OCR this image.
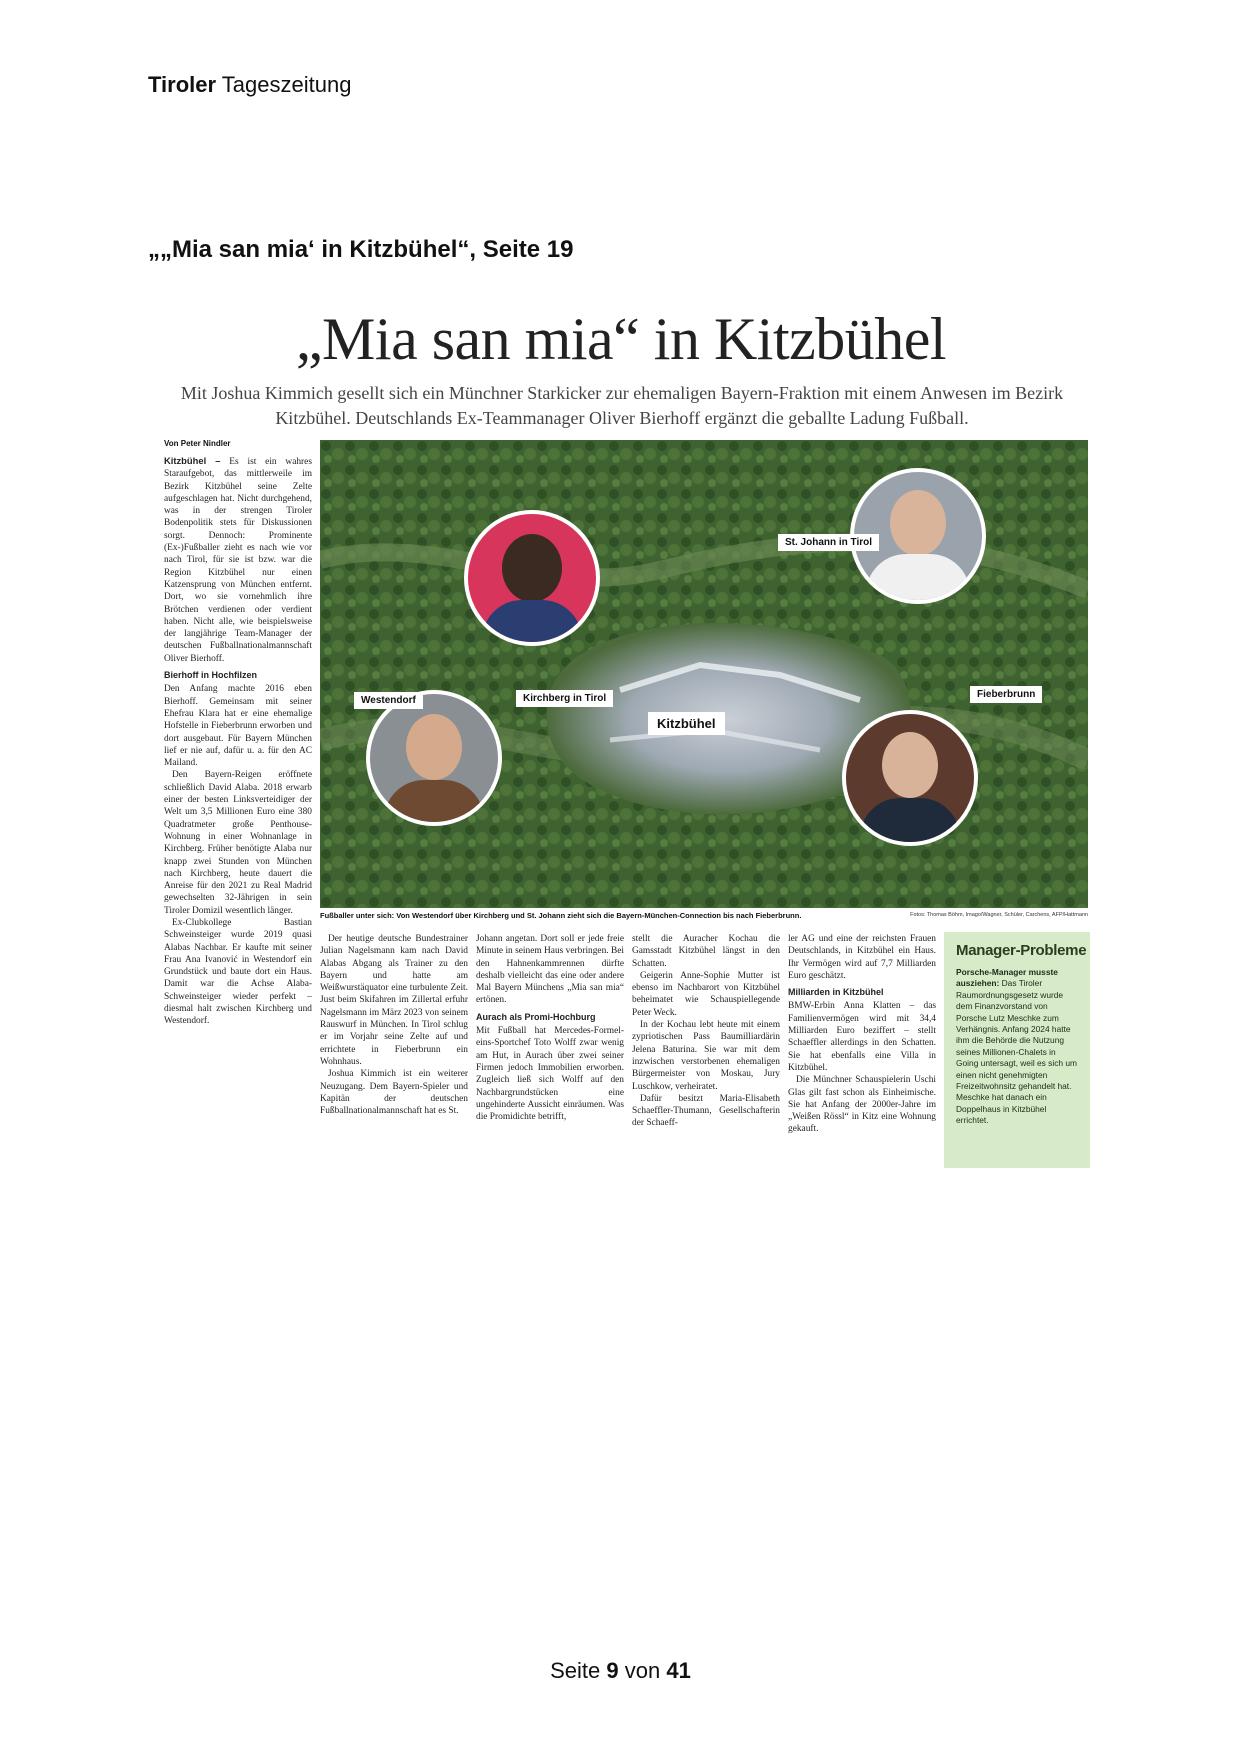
Tiroler Tageszeitung
„„Mia san mia‘ in Kitzbühel“, Seite 19
„Mia san mia“ in Kitzbühel
Mit Joshua Kimmich gesellt sich ein Münchner Starkicker zur ehemaligen Bayern-Fraktion mit einem Anwesen im Bezirk Kitzbühel. Deutschlands Ex-Teammanager Oliver Bierhoff ergänzt die geballte Ladung Fußball.
Von Peter Nindler

Kitzbühel – Es ist ein wahres Staraufgebot, das mittlerweile im Bezirk Kitzbühel seine Zelte aufgeschlagen hat. Nicht durchgehend, was in der strengen Tiroler Bodenpolitik stets für Diskussionen sorgt. Dennoch: Prominente (Ex-)Fußballer zieht es nach wie vor nach Tirol, für sie ist bzw. war die Region Kitzbühel nur einen Katzensprung von München entfernt. Dort, wo sie vornehmlich ihre Brötchen verdienen oder verdient haben. Nicht alle, wie beispielsweise der langjährige Team-Manager der deutschen Fußballnationalmannschaft Oliver Bierhoff.

Bierhoff in Hochfilzen

Den Anfang machte 2016 eben Bierhoff. Gemeinsam mit seiner Ehefrau Klara hat er eine ehemalige Hofstelle in Fieberbrunn erworben und dort ausgebaut. Für Bayern München lief er nie auf, dafür u. a. für den AC Mailand.

Den Bayern-Reigen eröffnete schließlich David Alaba. 2018 erwarb einer der besten Linksverteidiger der Welt um 3,5 Millionen Euro eine 380 Quadratmeter große Penthouse-Wohnung in einer Wohnanlage in Kirchberg. Früher benötigte Alaba nur knapp zwei Stunden von München nach Kirchberg, heute dauert die Anreise für den 2021 zu Real Madrid gewechselten 32-Jährigen in sein Tiroler Domizil wesentlich länger.

Ex-Clubkollege Bastian Schweinsteiger wurde 2019 quasi Alabas Nachbar. Er kaufte mit seiner Frau Ana Ivanović in Westendorf ein Grundstück und baute dort ein Haus. Damit war die Achse Alaba-Schweinsteiger wieder perfekt – diesmal halt zwischen Kirchberg und Westendorf.

St. Johann in Tirol
Westendorf	Kirchberg in Tirol
Kitzbühel
Fieberbrunn
Fußballer unter sich: Von Westendorf über Kirchberg und St. Johann zieht sich die Bayern-München-Connection bis nach Fieberbrunn.	Fotos: Thomas Böhm, Imago/Wagner, Schüler, Carchens, AFP/Hattmann

Der heutige deutsche Bundestrainer Julian Nagelsmann kam nach David Alabas Abgang als Trainer zu den Bayern und hatte am Weißwurstäquator eine turbulente Zeit. Just beim Skifahren im Zillertal erfuhr Nagelsmann im März 2023 von seinem Rauswurf in München. In Tirol schlug er im Vorjahr seine Zelte auf und errichtete in Fieberbrunn ein Wohnhaus.

Joshua Kimmich ist ein weiterer Neuzugang. Dem Bayern-Spieler und Kapitän der deutschen Fußballnationalmannschaft hat es St.

Johann angetan. Dort soll er jede freie Minute in seinem Haus verbringen. Bei den Hahnenkammrennen dürfte deshalb vielleicht das eine oder andere Mal Bayern Münchens „Mia san mia“ ertönen.

Aurach als Promi-Hochburg

Mit Fußball hat Mercedes-Formel-eins-Sportchef Toto Wolff zwar wenig am Hut, in Aurach über zwei seiner Firmen jedoch Immobilien erworben. Zugleich ließ sich Wolff auf den Nachbargrundstücken eine ungehinderte Aussicht einräumen. Was die Promidichte betrifft,

stellt die Auracher Kochau die Gamsstadt Kitzbühel längst in den Schatten.

Geigerin Anne-Sophie Mutter ist ebenso im Nachbarort von Kitzbühel beheimatet wie Schauspiellegende Peter Weck.

In der Kochau lebt heute mit einem zypriotischen Pass Baumilliardärin Jelena Baturina. Sie war mit dem inzwischen verstorbenen ehemaligen Bürgermeister von Moskau, Jury Luschkow, verheiratet.

Dafür besitzt Maria-Elisabeth Schaeffler-Thumann, Gesellschafterin der Schaeff-

ler AG und eine der reichsten Frauen Deutschlands, in Kitzbühel ein Haus. Ihr Vermögen wird auf 7,7 Milliarden Euro geschätzt.

Milliarden in Kitzbühel

BMW-Erbin Anna Klatten – das Familienvermögen wird mit 34,4 Milliarden Euro beziffert – stellt Schaeffler allerdings in den Schatten. Sie hat ebenfalls eine Villa in Kitzbühel.

Die Münchner Schauspielerin Uschi Glas gilt fast schon als Einheimische. Sie hat Anfang der 2000er-Jahre im „Weißen Rössl“ in Kitz eine Wohnung gekauft.

Manager-Probleme
Porsche-Manager musste ausziehen: Das Tiroler Raumordnungsgesetz wurde dem Finanzvorstand von Porsche Lutz Meschke zum Verhängnis. Anfang 2024 hatte ihm die Behörde die Nutzung seines Millionen-Chalets in Going untersagt, weil es sich um einen nicht genehmigten Freizeitwohnsitz gehandelt hat. Meschke hat danach ein Doppelhaus in Kitzbühel errichtet.
Seite 9 von 41
